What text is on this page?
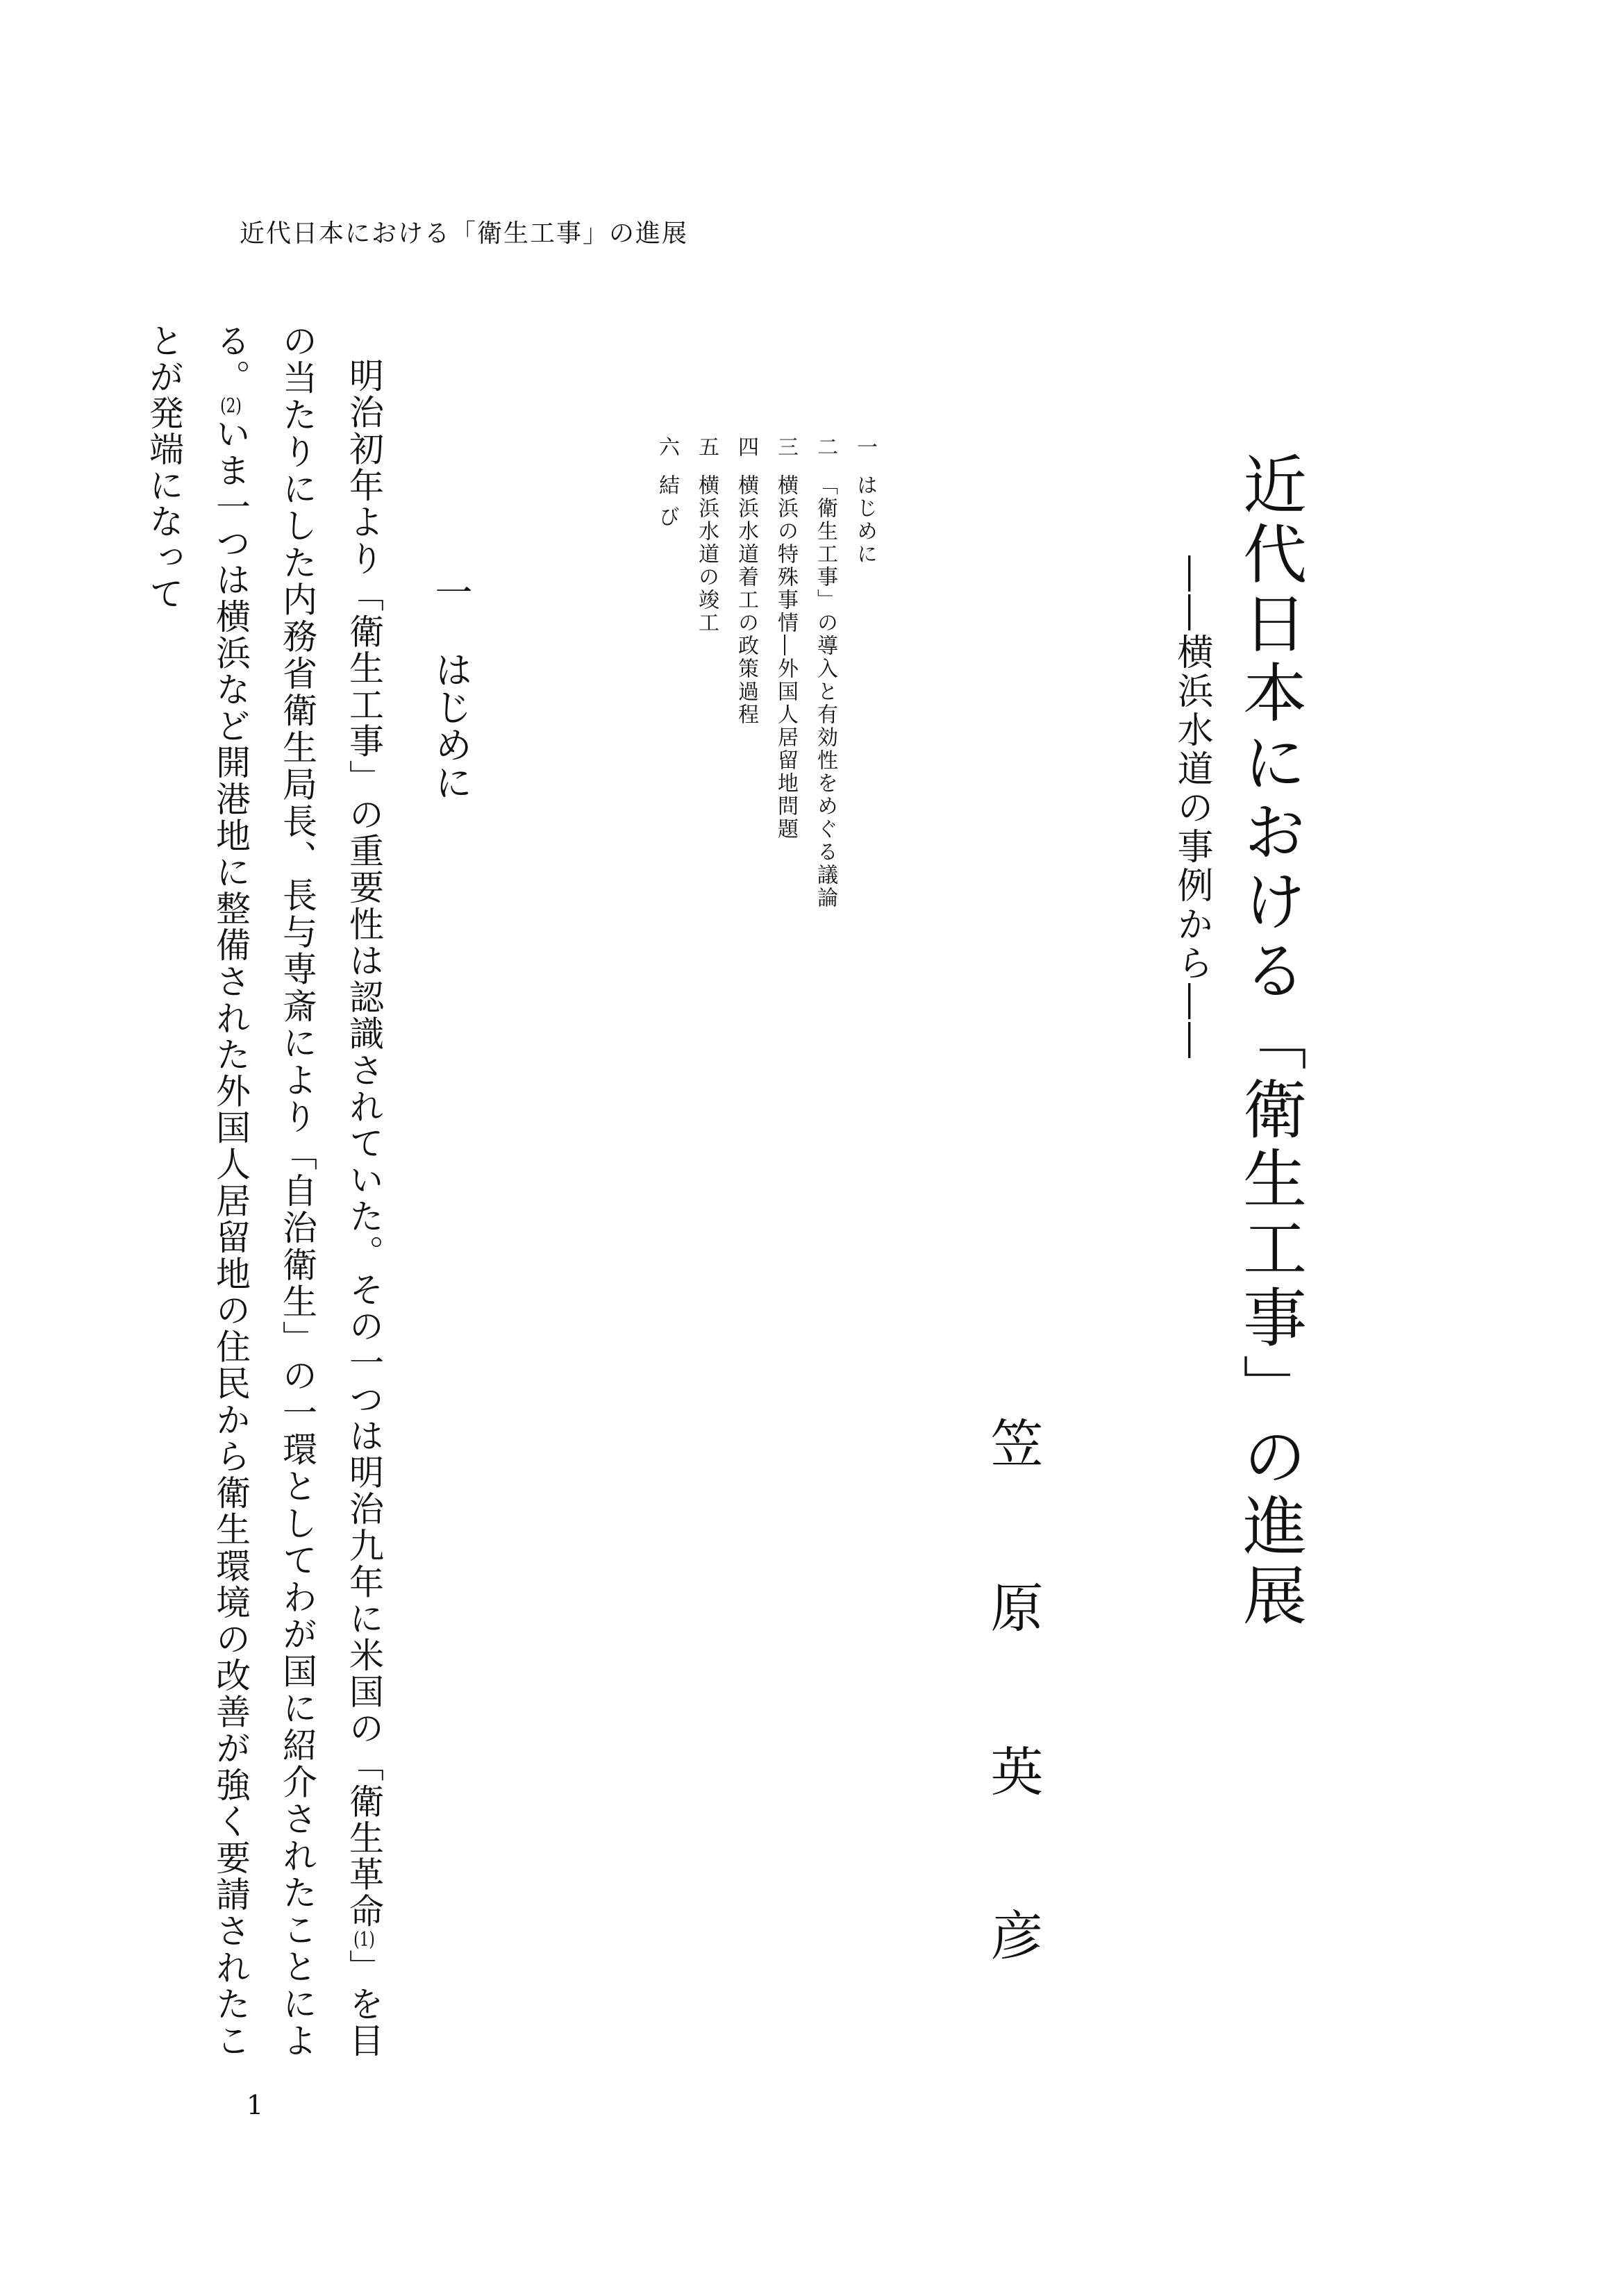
近代日本における「衛生工事」の進展
近代日本における「衛生工事」の進展
――横浜水道の事例から――
笠原英彦
一
はじめに
二
「衛生工事」の導入と有効性をめぐる議論
三
横浜の特殊事情―外国人居留地問題
四
横浜水道着工の政策過程
五
横浜水道の竣工
六
結 び
一
はじめに
明治初年より「衛生工事」の重要性は認識されていた。その一つは明治九年に米国の「衛生革命(1)」を目の当たりにした内務省衛生局長、長与専斎により「自治衛生」の一環としてわが国に紹介されたことによる。(2)いま一つは横浜など開港地に整備された外国人居留地の住民から衛生環境の改善が強く要請されたことが発端になって
1
